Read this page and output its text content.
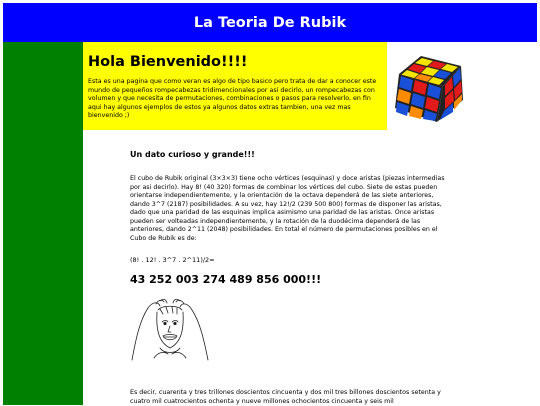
La Teoria De Rubik
Hola Bienvenido!!!!

Esta es una pagina que como veran es algo de tipo basico pero trata de dar a conocer este mundo de pequeños rompecabezas tridimencionales por asi decirlo, un rompecabezas con volumen y que necesita de permutaciones, combinaciones o pasos para resolverlo, en fin aqui hay algunos ejemplos de estos ya algunos datos extras tambien, una vez mas bienvenido ;)

Un dato curioso y grande!!!

El cubo de Rubik original (3×3×3) tiene ocho vértices (esquinas) y doce aristas (piezas intermedias por asi decirlo). Hay 8! (40 320) formas de combinar los vértices del cubo. Siete de estas pueden orientarse independientemente, y la orientación de la octava dependerá de las siete anteriores, dando 3^7 (2187) posibilidades. A su vez, hay 12!/2 (239 500 800) formas de disponer las aristas, dado que una paridad de las esquinas implica asimismo una paridad de las aristas. Once aristas pueden ser volteadas independientemente, y la rotación de la duodécima dependerá de las anteriores, dando 2^11 (2048) posibilidades. En total el número de permutaciones posibles en el Cubo de Rubik es de:

(8! . 12! . 3^7 . 2^11)/2=

43 252 003 274 489 856 000!!!

Es decir, cuarenta y tres trillones doscientos cincuenta y dos mil tres billones doscientos setenta y cuatro mil cuatrocientos ochenta y nueve millones ochocientos cincuenta y seis mil
